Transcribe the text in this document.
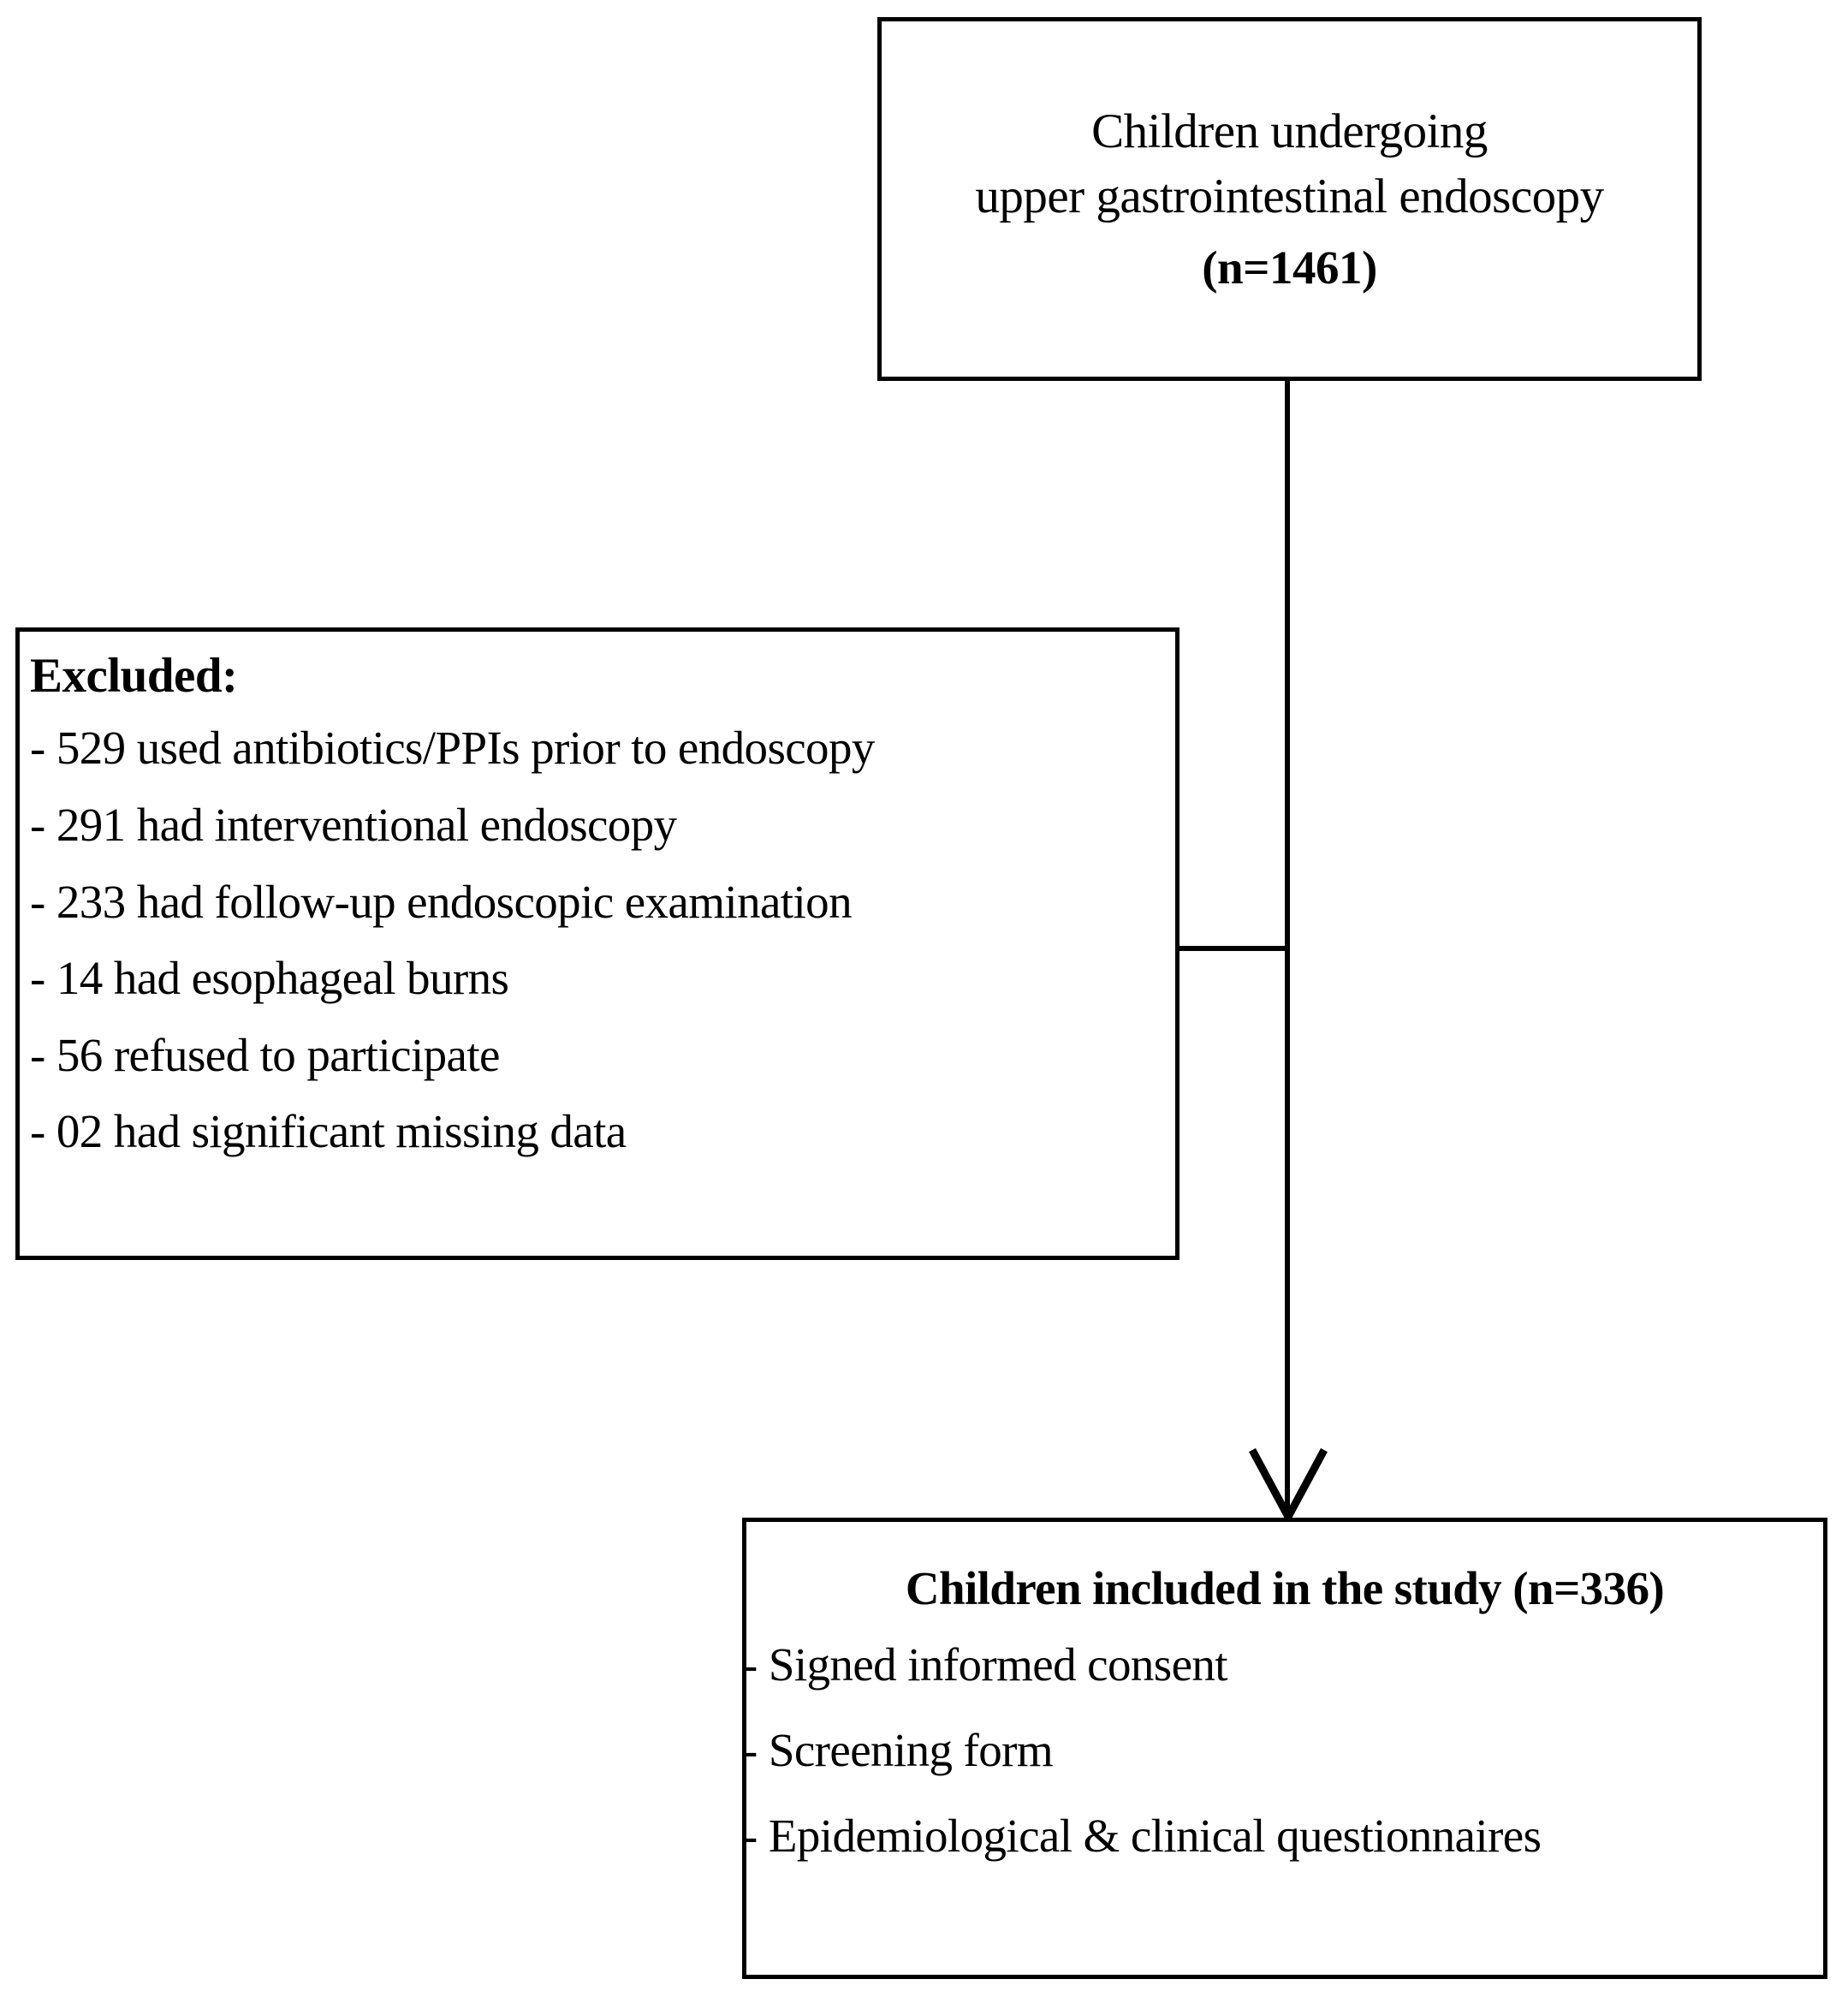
Children undergoing
upper gastrointestinal endoscopy
(n=1461)
Excluded:
- 529 used antibiotics/PPIs prior to endoscopy
- 291 had interventional endoscopy
- 233 had follow-up endoscopic examination
- 14 had esophageal burns
- 56 refused to participate
- 02 had significant missing data
Children included in the study (n=336)
- Signed informed consent
- Screening form
- Epidemiological & clinical questionnaires
